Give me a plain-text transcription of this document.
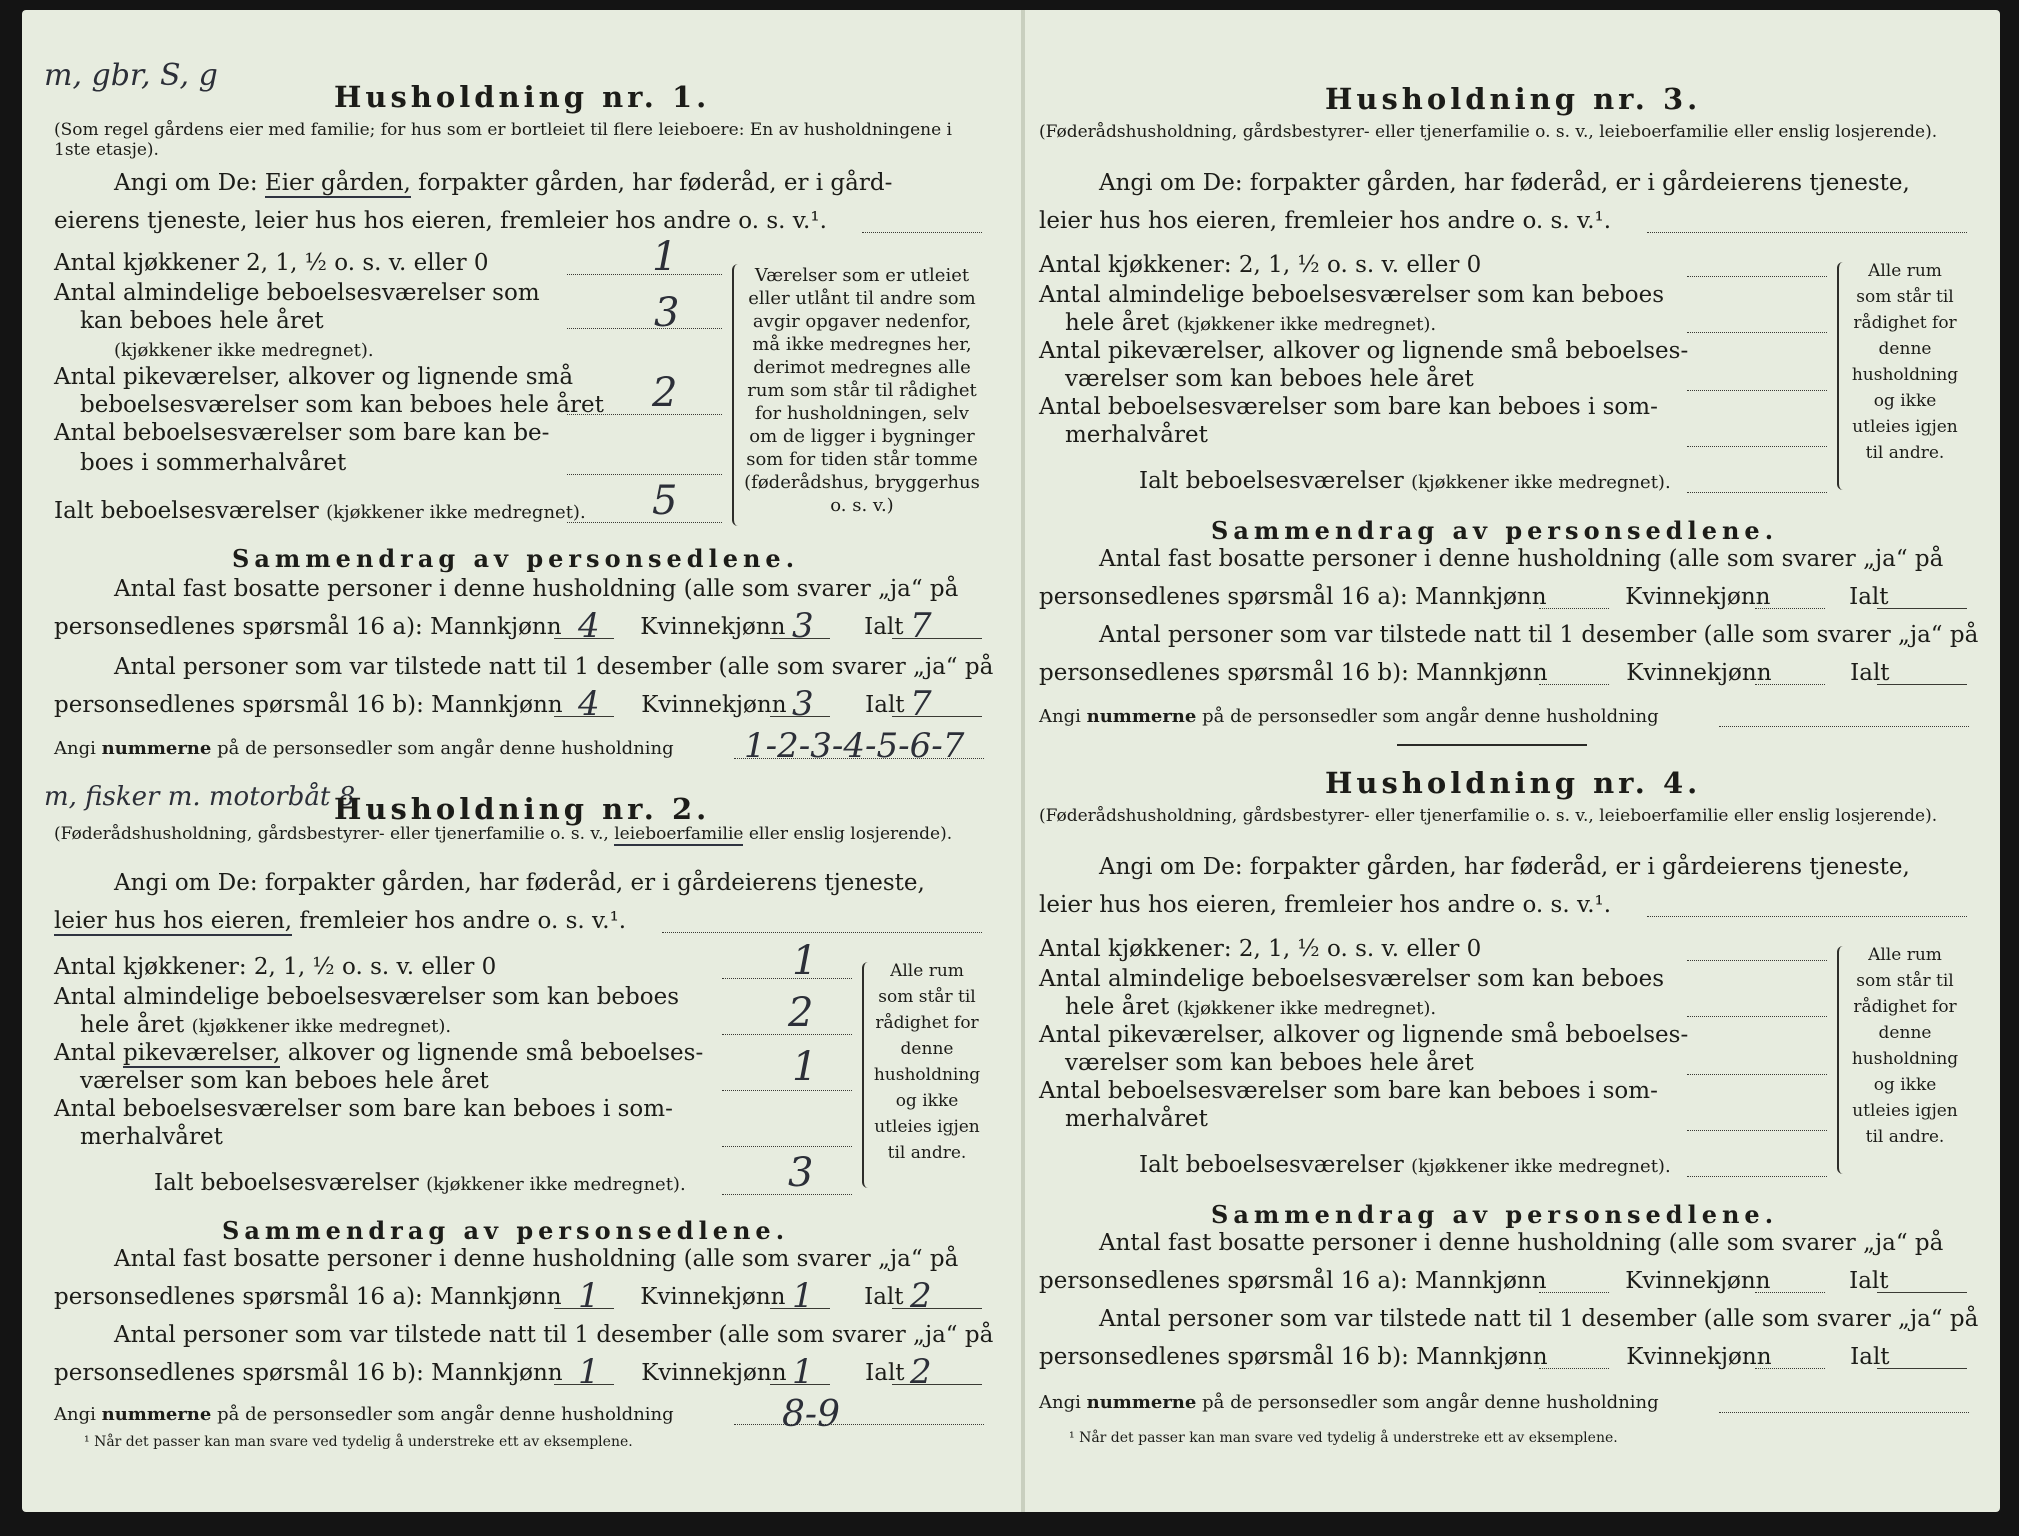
m, gbr, S, g
Husholdning nr. 1.
(Som regel gårdens eier med familie; for hus som er bortleiet til flere leieboere: En av husholdningene i 1ste etasje).
Angi om De: Eier gården, forpakter gården, har føderåd, er i gård-
eierens tjeneste, leier hus hos eieren, fremleier hos andre o. s. v.¹.
Antal kjøkkener 2, 1, ½ o. s. v. eller 0	1
Antal almindelige beboelsesværelser som
kan beboes hele året
(kjøkkener ikke medregnet).
3
Antal pikeværelser, alkover og lignende små
beboelsesværelser som kan beboes hele året 2
Antal beboelsesværelser som bare kan be-
boes i sommerhalvåret
Ialt beboelsesværelser (kjøkkener ikke medregnet). 5
Værelser som er utleiet eller utlånt til andre som avgir opgaver nedenfor, må ikke medregnes her, derimot medregnes alle rum som står til rådighet for husholdningen, selv om de ligger i bygninger som for tiden står tomme (føderådshus, bryggerhus o. s. v.)
Sammendrag av personsedlene.
Antal fast bosatte personer i denne husholdning (alle som svarer „ja“ på
personsedlenes spørsmål 16 a): Mannkjønn	Kvinnekjønn	Ialt
4	3	7
Antal personer som var tilstede natt til 1 desember (alle som svarer „ja“ på
personsedlenes spørsmål 16 b): Mannkjønn	Kvinnekjønn	Ialt
4	3	7
Angi nummerne på de personsedler som angår denne husholdning 1-2-3-4-5-6-7
m, fisker m. motorbåt 8
Husholdning nr. 2.
(Føderådshusholdning, gårdsbestyrer- eller tjenerfamilie o. s. v., leieboerfamilie eller enslig losjerende).
Angi om De: forpakter gården, har føderåd, er i gårdeierens tjeneste,
leier hus hos eieren, fremleier hos andre o. s. v.¹.
Antal kjøkkener: 2, 1, ½ o. s. v. eller 0	1
Antal almindelige beboelsesværelser som kan beboes
hele året (kjøkkener ikke medregnet).	2
Antal pikeværelser, alkover og lignende små beboelses-
værelser som kan beboes hele året	1
Antal beboelsesværelser som bare kan beboes i som-
merhalvåret
Ialt beboelsesværelser (kjøkkener ikke medregnet).	3
Alle rum som står til rådighet for denne husholdning og ikke utleies igjen til andre.
Sammendrag av personsedlene.
Antal fast bosatte personer i denne husholdning (alle som svarer „ja“ på
personsedlenes spørsmål 16 a): Mannkjønn	Kvinnekjønn	Ialt
1	1	2
Antal personer som var tilstede natt til 1 desember (alle som svarer „ja“ på
personsedlenes spørsmål 16 b): Mannkjønn	Kvinnekjønn	Ialt
1	1	2
Angi nummerne på de personsedler som angår denne husholdning	8-9
¹ Når det passer kan man svare ved tydelig å understreke ett av eksemplene.
Husholdning nr. 3.
(Føderådshusholdning, gårdsbestyrer- eller tjenerfamilie o. s. v., leieboerfamilie eller enslig losjerende).
Angi om De: forpakter gården, har føderåd, er i gårdeierens tjeneste,
leier hus hos eieren, fremleier hos andre o. s. v.¹.
Antal kjøkkener: 2, 1, ½ o. s. v. eller 0
Antal almindelige beboelsesværelser som kan beboes
hele året (kjøkkener ikke medregnet).
Antal pikeværelser, alkover og lignende små beboelses-
værelser som kan beboes hele året
Antal beboelsesværelser som bare kan beboes i som-
merhalvåret
Ialt beboelsesværelser (kjøkkener ikke medregnet).
Alle rum som står til rådighet for denne husholdning og ikke utleies igjen til andre.
Sammendrag av personsedlene.
Antal fast bosatte personer i denne husholdning (alle som svarer „ja“ på
personsedlenes spørsmål 16 a): Mannkjønn	Kvinnekjønn	Ialt
Antal personer som var tilstede natt til 1 desember (alle som svarer „ja“ på
personsedlenes spørsmål 16 b): Mannkjønn	Kvinnekjønn	Ialt
Angi nummerne på de personsedler som angår denne husholdning
Husholdning nr. 4.
(Føderådshusholdning, gårdsbestyrer- eller tjenerfamilie o. s. v., leieboerfamilie eller enslig losjerende).
Angi om De: forpakter gården, har føderåd, er i gårdeierens tjeneste,
leier hus hos eieren, fremleier hos andre o. s. v.¹.
Antal kjøkkener: 2, 1, ½ o. s. v. eller 0
Antal almindelige beboelsesværelser som kan beboes
hele året (kjøkkener ikke medregnet).
Antal pikeværelser, alkover og lignende små beboelses-
værelser som kan beboes hele året
Antal beboelsesværelser som bare kan beboes i som-
merhalvåret
Ialt beboelsesværelser (kjøkkener ikke medregnet).
Alle rum som står til rådighet for denne husholdning og ikke utleies igjen til andre.
Sammendrag av personsedlene.
Antal fast bosatte personer i denne husholdning (alle som svarer „ja“ på
personsedlenes spørsmål 16 a): Mannkjønn	Kvinnekjønn	Ialt
Antal personer som var tilstede natt til 1 desember (alle som svarer „ja“ på
personsedlenes spørsmål 16 b): Mannkjønn	Kvinnekjønn	Ialt
Angi nummerne på de personsedler som angår denne husholdning
¹ Når det passer kan man svare ved tydelig å understreke ett av eksemplene.
